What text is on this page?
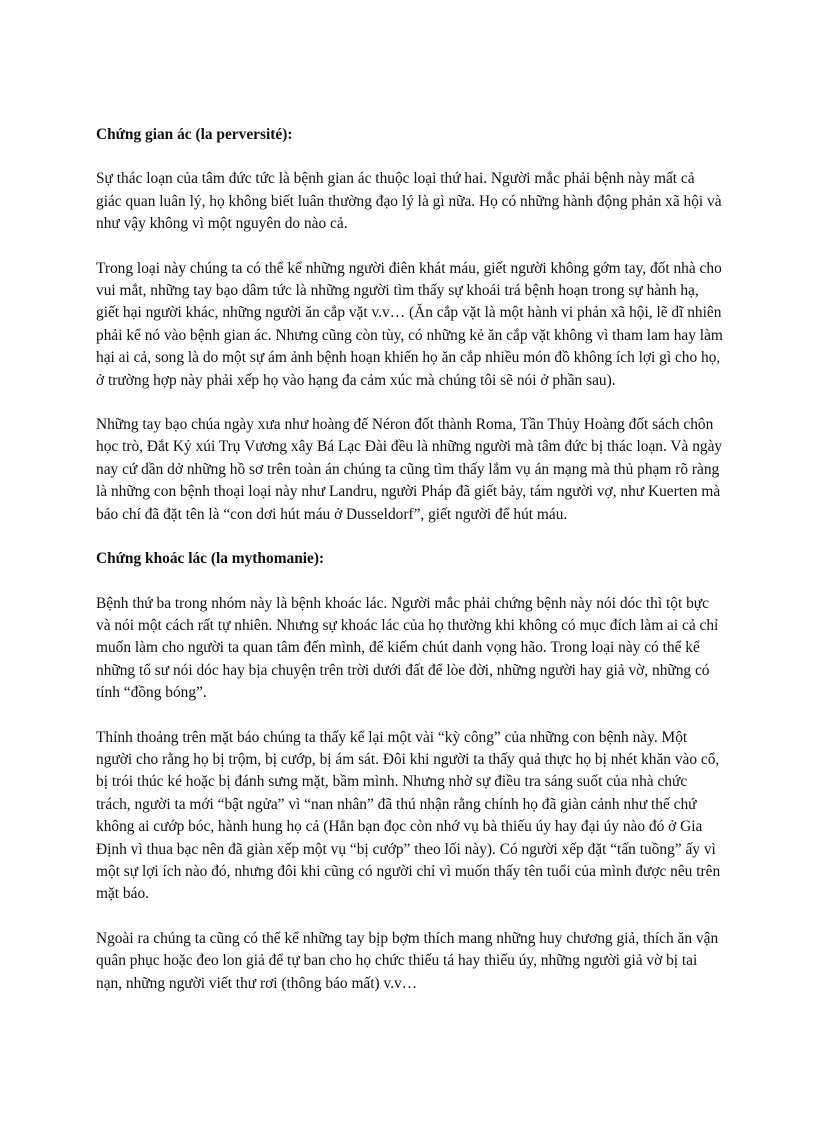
Chứng gian ác (la perversité):
Sự thác loạn của tâm đức tức là bệnh gian ác thuộc loại thứ hai. Người mắc phải bệnh này mất cả giác quan luân lý, họ không biết luân thường đạo lý là gì nữa. Họ có những hành động phản xã hội và như vậy không vì một nguyên do nào cả.
Trong loại này chúng ta có thể kể những người điên khát máu, giết người không gớm tay, đốt nhà cho vui mắt, những tay bạo dâm tức là những người tìm thấy sự khoái trá bệnh hoạn trong sự hành hạ, giết hại người khác, những người ăn cắp vặt v.v… (Ăn cắp vặt là một hành vi phản xã hội, lẽ dĩ nhiên phải kể nó vào bệnh gian ác. Nhưng cũng còn tùy, có những kẻ ăn cắp vặt không vì tham lam hay làm hại ai cả, song là do một sự ám ảnh bệnh hoạn khiến họ ăn cắp nhiều món đồ không ích lợi gì cho họ, ở trường hợp này phải xếp họ vào hạng đa cảm xúc mà chúng tôi sẽ nói ở phần sau).
Những tay bạo chúa ngày xưa như hoàng đế Néron đốt thành Roma, Tần Thủy Hoàng đốt sách chôn học trò, Đắt Kỷ xúi Trụ Vương xây Bá Lạc Đài đều là những người mà tâm đức bị thác loạn. Và ngày nay cứ dần dở những hồ sơ trên toàn án chúng ta cũng tìm thấy lắm vụ án mạng mà thủ phạm rõ ràng là những con bệnh thoại loại này như Landru, người Pháp đã giết bảy, tám người vợ, như Kuerten mà báo chí đã đặt tên là “con dơi hút máu ở Dusseldorf”, giết người để hút máu.
Chứng khoác lác (la mythomanie):
Bệnh thứ ba trong nhóm này là bệnh khoác lác. Người mắc phải chứng bệnh này nói dóc thì tột bực và nói một cách rất tự nhiên. Nhưng sự khoác lác của họ thường khi không có mục đích làm ai cả chỉ muốn làm cho người ta quan tâm đến mình, để kiếm chút danh vọng hão. Trong loại này có thể kể những tổ sư nói dóc hay bịa chuyện trên trời dưới đất để lòe đời, những người hay giả vờ, những có tính “đồng bóng”.
Thỉnh thoảng trên mặt báo chúng ta thấy kể lại một vài “kỳ công” của những con bệnh này. Một người cho rằng họ bị trộm, bị cướp, bị ám sát. Đôi khi người ta thấy quả thực họ bị nhét khăn vào cổ, bị trói thúc ké hoặc bị đánh sưng mặt, bầm mình. Nhưng nhờ sự điều tra sáng suốt của nhà chức trách, người ta mới “bật ngửa” vì “nan nhân” đã thú nhận rằng chính họ đã giàn cảnh như thế chứ không ai cướp bóc, hành hung họ cả (Hẳn bạn đọc còn nhớ vụ bà thiếu úy hay đại úy nào đó ở Gia Định vì thua bạc nên đã giàn xếp một vụ “bị cướp” theo lối này). Có người xếp đặt “tấn tuồng” ấy vì một sự lợi ích nào đó, nhưng đôi khi cũng có người chỉ vì muốn thấy tên tuổi của mình được nêu trên mặt báo.
Ngoài ra chúng ta cũng có thể kể những tay bịp bợm thích mang những huy chương giả, thích ăn vận quân phục hoặc đeo lon giả để tự ban cho họ chức thiếu tá hay thiếu úy, những người giả vờ bị tai nạn, những người viết thư rơi (thông báo mất) v.v…
